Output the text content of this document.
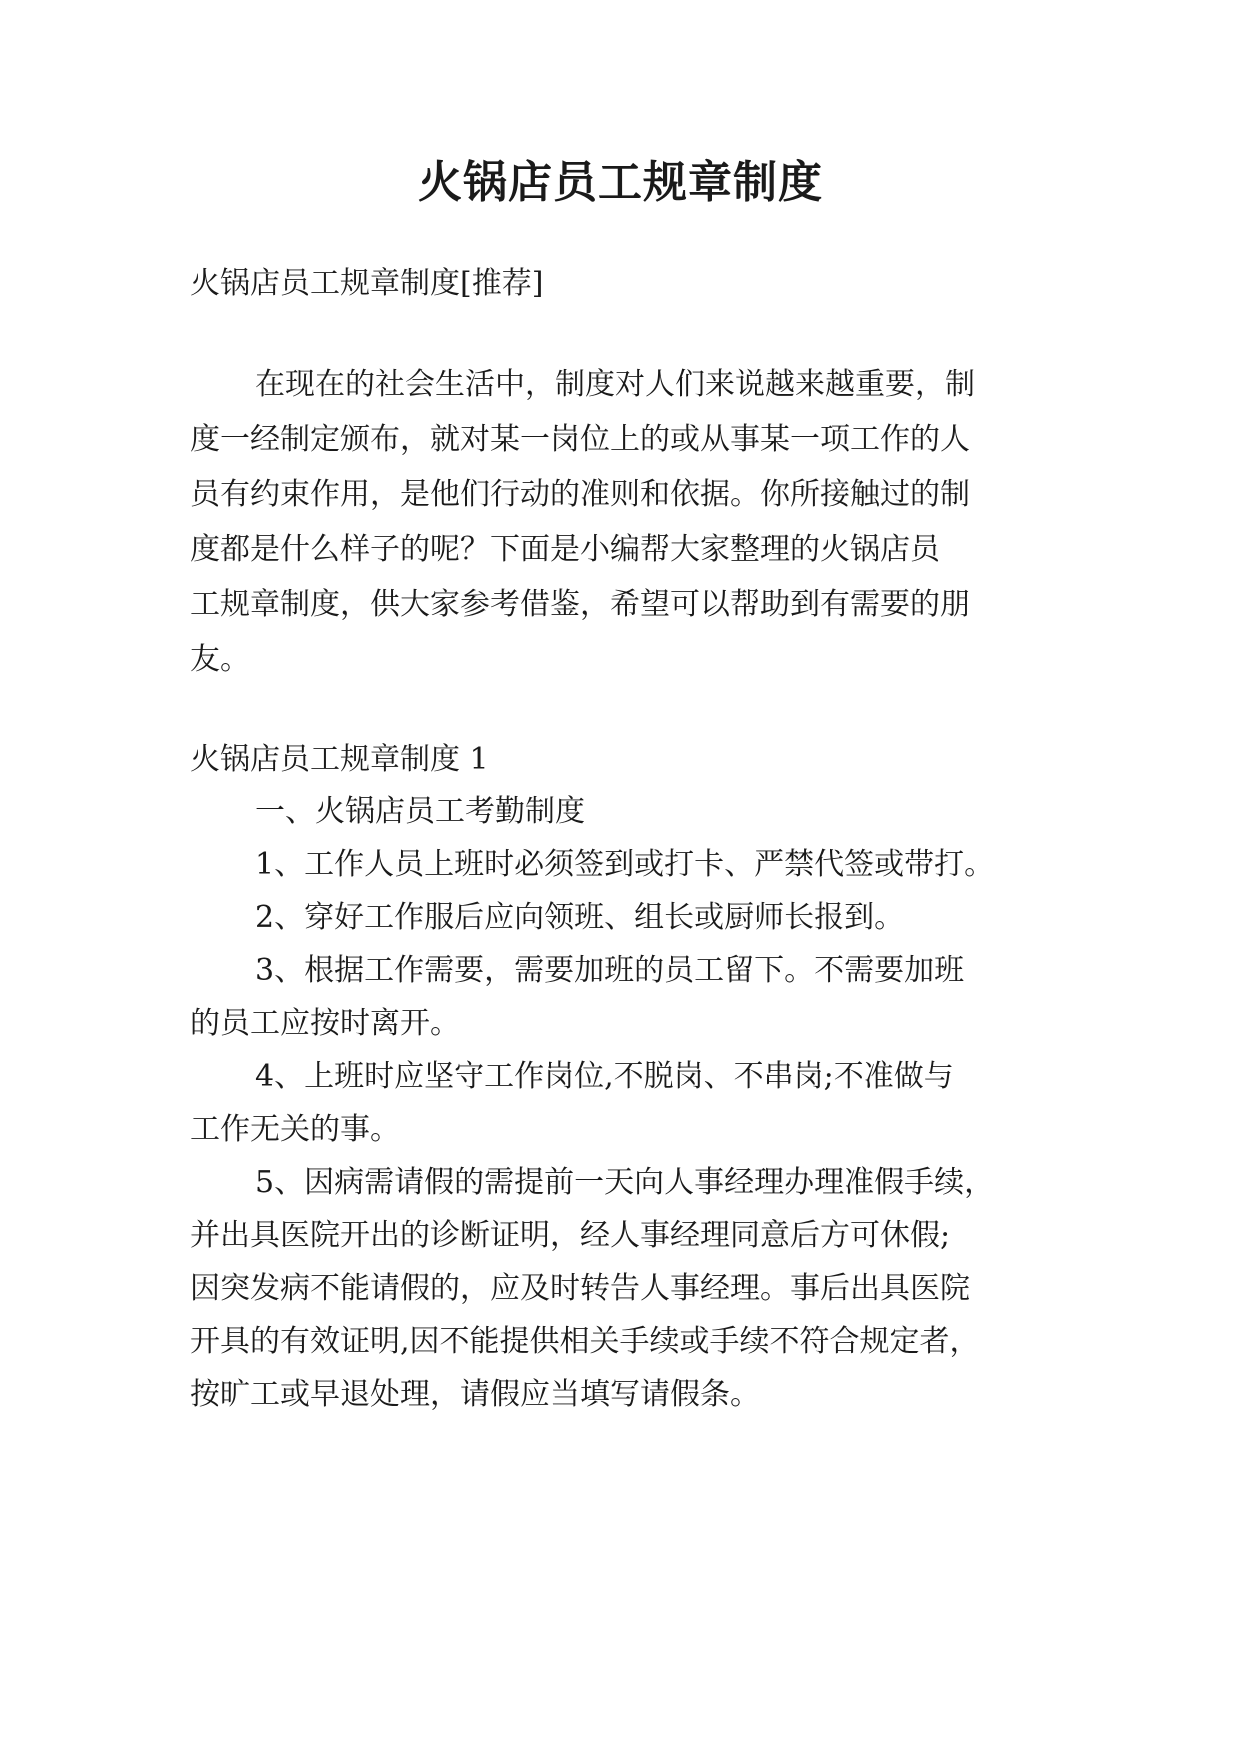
火锅店员工规章制度
火锅店员工规章制度[推荐]
在现在的社会生活中，制度对人们来说越来越重要，制
度一经制定颁布，就对某一岗位上的或从事某一项工作的人
员有约束作用，是他们行动的准则和依据。你所接触过的制
度都是什么样子的呢？下面是小编帮大家整理的火锅店员
工规章制度，供大家参考借鉴，希望可以帮助到有需要的朋
友。
火锅店员工规章制度 1
一、火锅店员工考勤制度
1、工作人员上班时必须签到或打卡、严禁代签或带打。
2、穿好工作服后应向领班、组长或厨师长报到。
3、根据工作需要，需要加班的员工留下。不需要加班
的员工应按时离开。
4、上班时应坚守工作岗位,不脱岗、不串岗;不准做与
工作无关的事。
5、因病需请假的需提前一天向人事经理办理准假手续，
并出具医院开出的诊断证明，经人事经理同意后方可休假;
因突发病不能请假的，应及时转告人事经理。事后出具医院
开具的有效证明,因不能提供相关手续或手续不符合规定者，
按旷工或早退处理，请假应当填写请假条。
